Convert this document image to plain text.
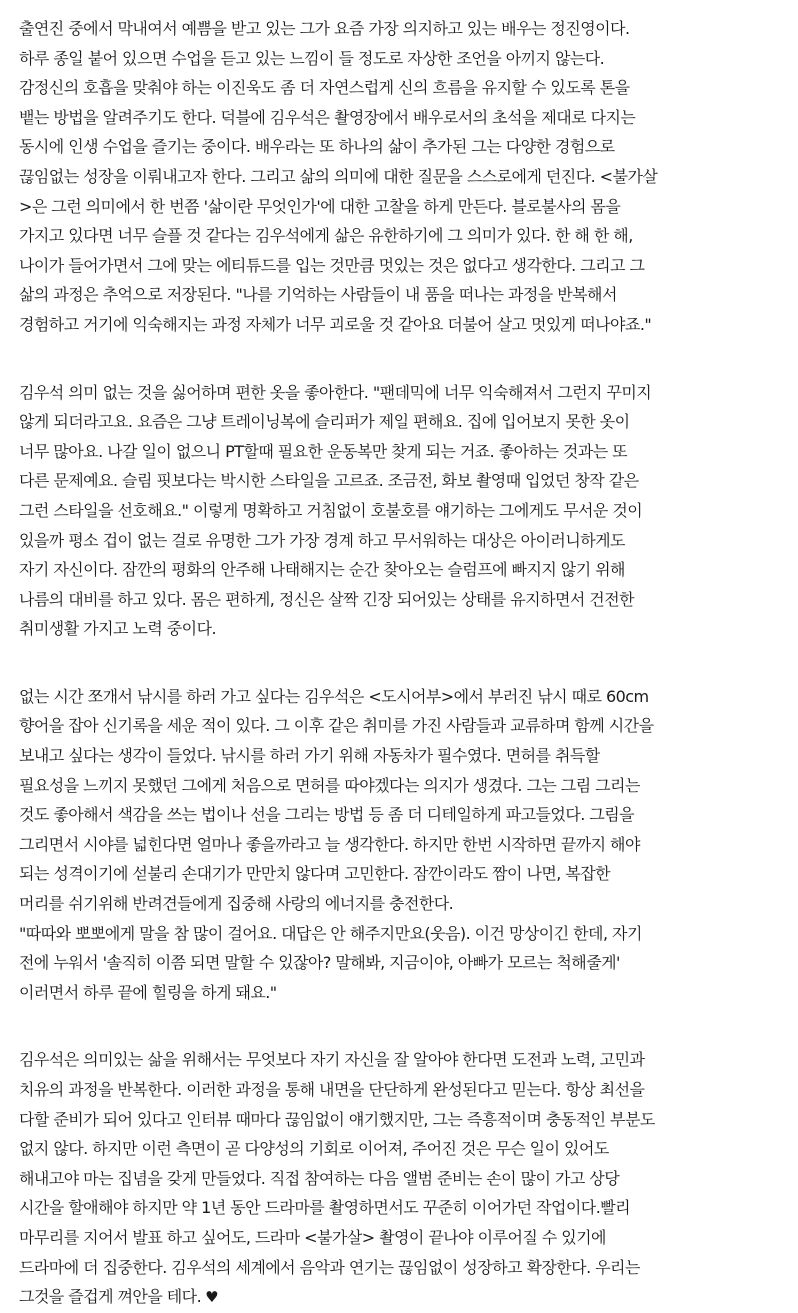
출연진 중에서 막내여서 예쁨을 받고 있는 그가 요즘 가장 의지하고 있는 배우는 정진영이다.
하루 종일 붙어 있으면 수업을 듣고 있는 느낌이 들 정도로 자상한 조언을 아끼지 않는다.
감정신의 호흡을 맞춰야 하는 이진욱도 좀 더 자연스럽게 신의 흐름을 유지할 수 있도록 톤을
뱉는 방법을 알려주기도 한다. 덕블에 김우석은 촬영장에서 배우로서의 초석을 제대로 다지는
동시에 인생 수업을 즐기는 중이다. 배우라는 또 하나의 삶이 추가된 그는 다양한 경험으로
끊임없는 성장을 이뤄내고자 한다. 그리고 삶의 의미에 대한 질문을 스스로에게 던진다. <불가살
>은 그런 의미에서 한 번쯤 '삶이란 무엇인가'에 대한 고찰을 하게 만든다. 블로불사의 몸을
가지고 있다면 너무 슬플 것 같다는 김우석에게 삶은 유한하기에 그 의미가 있다. 한 해 한 해,
나이가 들어가면서 그에 맞는 에티튜드를 입는 것만큼 멋있는 것은 없다고 생각한다. 그리고 그
삶의 과정은 추억으로 저장된다. "나를 기억하는 사람들이 내 품을 떠나는 과정을 반복해서
경험하고 거기에 익숙해지는 과정 자체가 너무 괴로울 것 같아요 더불어 살고 멋있게 떠나야죠."
김우석 의미 없는 것을 싫어하며 편한 옷을 좋아한다. "팬데믹에 너무 익숙해져서 그런지 꾸미지
않게 되더라고요. 요즘은 그냥 트레이닝복에 슬리퍼가 제일 편해요. 집에 입어보지 못한 옷이
너무 많아요. 나갈 일이 없으니 PT할때 필요한 운동복만 찾게 되는 거죠. 좋아하는 것과는 또
다른 문제예요. 슬림 핏보다는 박시한 스타일을 고르죠. 조금전, 화보 촬영때 입었던 창작 같은
그런 스타일을 선호해요." 이렇게 명확하고 거침없이 호불호를 얘기하는 그에게도 무서운 것이
있을까 평소 겁이 없는 걸로 유명한 그가 가장 경계 하고 무서워하는 대상은 아이러니하게도
자기 자신이다. 잠깐의 평화의 안주해 나태해지는 순간 찾아오는 슬럼프에 빠지지 않기 위해
나름의 대비를 하고 있다. 몸은 편하게, 정신은 살짝 긴장 되어있는 상태를 유지하면서 건전한
취미생활 가지고 노력 중이다.
없는 시간 쪼개서 낚시를 하러 가고 싶다는 김우석은 <도시어부>에서 부러진 낚시 때로 60cm
향어을 잡아 신기록을 세운 적이 있다. 그 이후 같은 취미를 가진 사람들과 교류하며 함께 시간을
보내고 싶다는 생각이 들었다. 낚시를 하러 가기 위해 자동차가 필수였다. 면허를 취득할
필요성을 느끼지 못했던 그에게 처음으로 면허를 따야겠다는 의지가 생겼다. 그는 그림 그리는
것도 좋아해서 색감을 쓰는 법이나 선을 그리는 방법 등 좀 더 디테일하게 파고들었다. 그림을
그리면서 시야를 넓힌다면 얼마나 좋을까라고 늘 생각한다. 하지만 한번 시작하면 끝까지 해야
되는 성격이기에 섣불리 손대기가 만만치 않다며 고민한다. 잠깐이라도 짬이 나면, 복잡한
머리를 쉬기위해 반려견들에게 집중해 사랑의 에너지를 충전한다.
"따따와 뽀뽀에게 말을 참 많이 걸어요. 대답은 안 해주지만요(웃음). 이건 망상이긴 한데, 자기
전에 누워서 '솔직히 이쯤 되면 말할 수 있잖아? 말해봐, 지금이야, 아빠가 모르는 척해줄게'
이러면서 하루 끝에 힐링을 하게 돼요."
김우석은 의미있는 삶을 위해서는 무엇보다 자기 자신을 잘 알아야 한다면 도전과 노력, 고민과
치유의 과정을 반복한다. 이러한 과정을 통해 내면을 단단하게 완성된다고 믿는다. 항상 최선을
다할 준비가 되어 있다고 인터뷰 때마다 끊임없이 얘기했지만, 그는 즉흥적이며 충동적인 부분도
없지 않다. 하지만 이런 측면이 곧 다양성의 기회로 이어져, 주어진 것은 무슨 일이 있어도
해내고야 마는 집념을 갖게 만들었다. 직접 참여하는 다음 앨범 준비는 손이 많이 가고 상당
시간을 할애해야 하지만 약 1년 동안 드라마를 촬영하면서도 꾸준히 이어가던 작업이다.빨리
마무리를 지어서 발표 하고 싶어도, 드라마 <불가살> 촬영이 끝나야 이루어질 수 있기에
드라마에 더 집중한다. 김우석의 세계에서 음악과 연기는 끊임없이 성장하고 확장한다. 우리는
그것을 즐겁게 껴안을 테다. ♥
